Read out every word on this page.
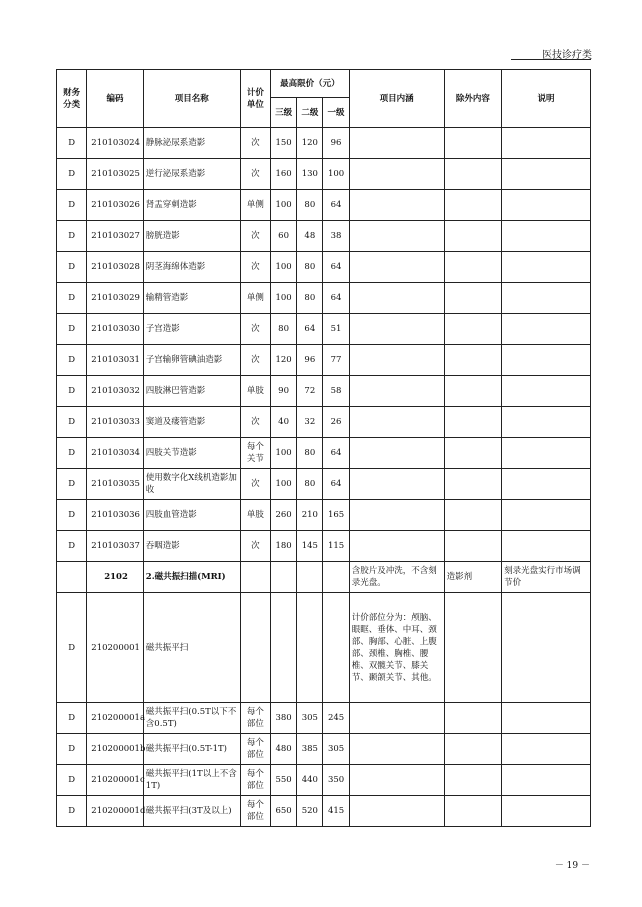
医技诊疗类
财务分类	编码	项目名称	计价单位	最高限价（元）			项目内涵	除外内容	说明
				三级	二级	一级			
D	210103024	静脉泌尿系造影	次	150	120	96			
D	210103025	逆行泌尿系造影	次	160	130	100			
D	210103026	肾盂穿刺造影	单侧	100	80	64			
D	210103027	膀胱造影	次	60	48	38			
D	210103028	阴茎海绵体造影	次	100	80	64			
D	210103029	输精管造影	单侧	100	80	64			
D	210103030	子宫造影	次	80	64	51			
D	210103031	子宫输卵管碘油造影	次	120	96	77			
D	210103032	四肢淋巴管造影	单肢	90	72	58			
D	210103033	窦道及瘘管造影	次	40	32	26			
D	210103034	四肢关节造影	每个关节	100	80	64			
D	210103035	使用数字化X线机造影加收	次	100	80	64			
D	210103036	四肢血管造影	单肢	260	210	165			
D	210103037	吞咽造影	次	180	145	115			
	2102	2.磁共振扫描(MRI)					含胶片及冲洗，不含刻录光盘。	造影剂	刻录光盘实行市场调节价
D	210200001	磁共振平扫					计价部位分为：颅脑、眼眶、垂体、中耳、颈部、胸部、心脏、上腹部、颈椎、胸椎、腰椎、双髋关节、膝关节、颞颌关节、其他。		
D	210200001a	磁共振平扫(0.5T以下不含0.5T)	每个部位	380	305	245			
D	210200001b	磁共振平扫(0.5T-1T)	每个部位	480	385	305			
D	210200001c	磁共振平扫(1T以上不含1T)	每个部位	550	440	350			
D	210200001d	磁共振平扫(3T及以上)	每个部位	650	520	415			
－ 19 －
